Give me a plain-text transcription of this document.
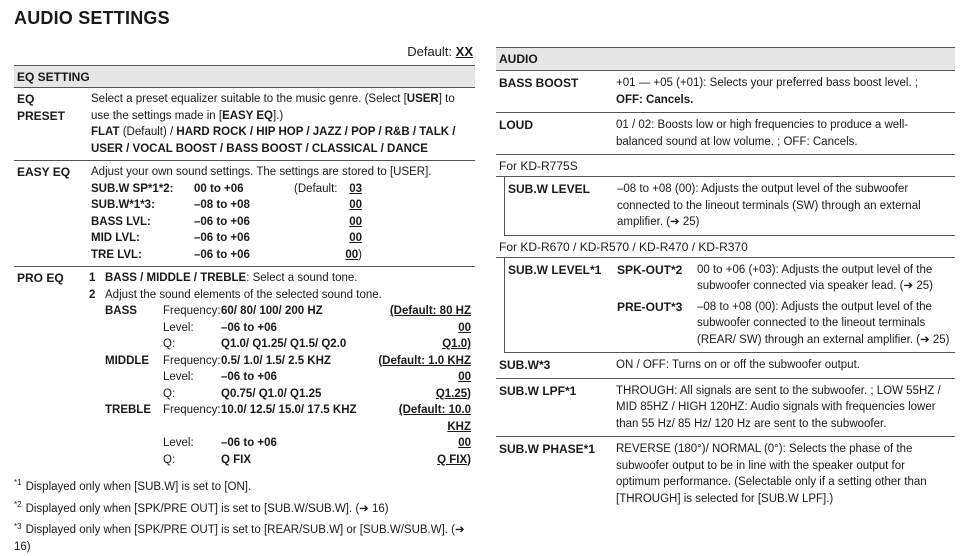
AUDIO SETTINGS
Default: XX
EQ SETTING
EQ PRESET
Select a preset equalizer suitable to the music genre. (Select [USER] to use the settings made in [EASY EQ].)
FLAT (Default) / HARD ROCK / HIP HOP / JAZZ / POP / R&B / TALK / USER / VOCAL BOOST / BASS BOOST / CLASSICAL / DANCE
EASY EQ	Adjust your own sound settings. The settings are stored to [USER].
SUB.W SP*1*2:	00 to +06	(Default:	03
SUB.W*1*3:	–08 to +08	00
BASS LVL:	–06 to +06	00
MID LVL:	–06 to +06	00
TRE LVL:	–06 to +06	00)
PRO EQ	1 BASS / MIDDLE / TREBLE: Select a sound tone.
2 Adjust the sound elements of the selected sound tone.
BASS	Frequency: 60/ 80/ 100/ 200 HZ	(Default: 80 HZ
Level:	–06 to +06	00
Q:	Q1.0/ Q1.25/ Q1.5/ Q2.0	Q1.0)
MIDDLE	Frequency: 0.5/ 1.0/ 1.5/ 2.5 KHZ	(Default: 1.0 KHZ
Level:	–06 to +06	00
Q:	Q0.75/ Q1.0/ Q1.25	Q1.25)
TREBLE	Frequency: 10.0/ 12.5/ 15.0/ 17.5 KHZ	(Default: 10.0 KHZ
Level:	–06 to +06	00
Q:	Q FIX	Q FIX)
$^{*1}$ Displayed only when [SUB.W] is set to [ON].
$^{*2}$ Displayed only when [SPK/PRE OUT] is set to [SUB.W/SUB.W]. (➔ 16)
$^{*3}$ Displayed only when [SPK/PRE OUT] is set to [REAR/SUB.W] or [SUB.W/SUB.W]. (➔ 16)
AUDIO
BASS BOOST	+01 — +05 (+01): Selects your preferred bass boost level. ;
OFF: Cancels.
LOUD	01 / 02: Boosts low or high frequencies to produce a well-balanced sound at low volume. ; OFF: Cancels.
For KD-R775S
SUB.W LEVEL	–08 to +08 (00): Adjusts the output level of the subwoofer connected to the lineout terminals (SW) through an external amplifier. (➔ 25)
For KD-R670 / KD-R570 / KD-R470 / KD-R370
SUB.W LEVEL*1	SPK-OUT*2	00 to +06 (+03): Adjusts the output level of the subwoofer connected via speaker lead. (➔ 25)
PRE-OUT*3	–08 to +08 (00): Adjusts the output level of the subwoofer connected to the lineout terminals (REAR/ SW) through an external amplifier. (➔ 25)
SUB.W*3	ON / OFF: Turns on or off the subwoofer output.
SUB.W LPF*1	THROUGH: All signals are sent to the subwoofer. ; LOW 55HZ / MID 85HZ / HIGH 120HZ: Audio signals with frequencies lower than 55 Hz/ 85 Hz/ 120 Hz are sent to the subwoofer.
SUB.W PHASE*1	REVERSE (180°)/ NORMAL (0°): Selects the phase of the subwoofer output to be in line with the speaker output for optimum performance. (Selectable only if a setting other than [THROUGH] is selected for [SUB.W LPF].)
